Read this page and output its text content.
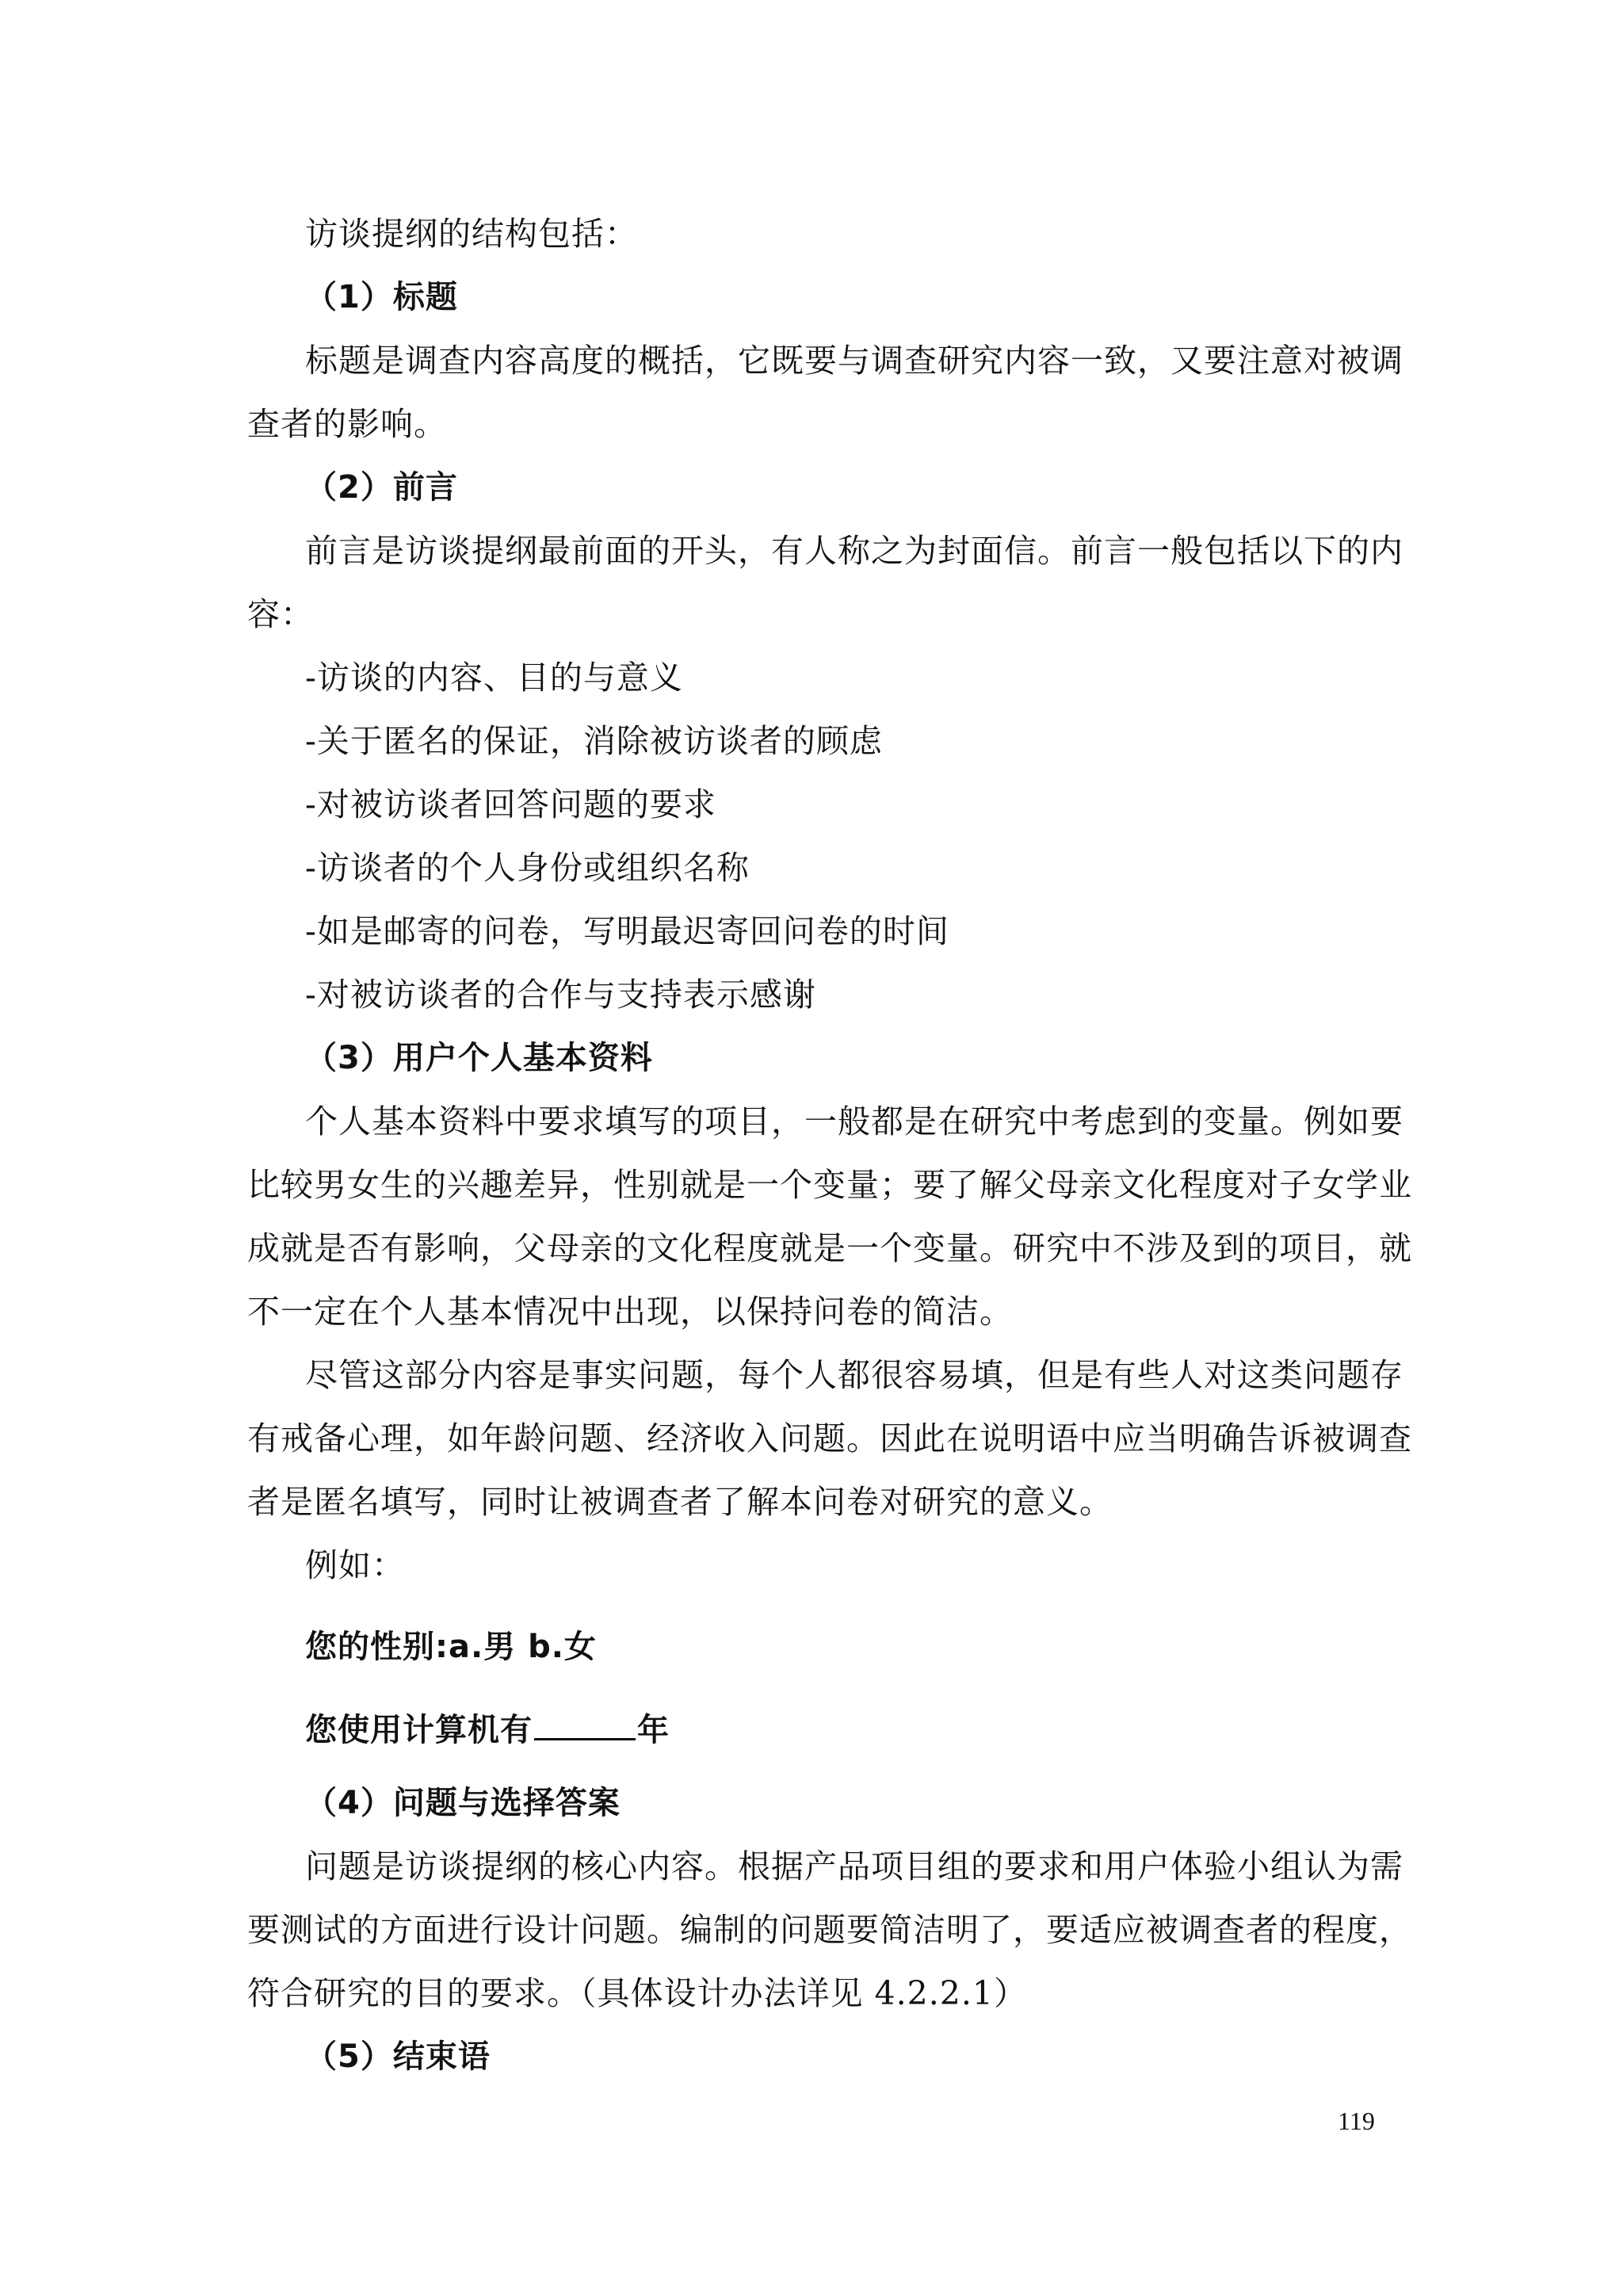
访谈提纲的结构包括：
（1）标题
标题是调查内容高度的概括，它既要与调查研究内容一致，又要注意对被调
查者的影响。
（2）前言
前言是访谈提纲最前面的开头，有人称之为封面信。前言一般包括以下的内
容：
-访谈的内容、目的与意义
-关于匿名的保证，消除被访谈者的顾虑
-对被访谈者回答问题的要求
-访谈者的个人身份或组织名称
-如是邮寄的问卷，写明最迟寄回问卷的时间
-对被访谈者的合作与支持表示感谢
（3）用户个人基本资料
个人基本资料中要求填写的项目，一般都是在研究中考虑到的变量。例如要
比较男女生的兴趣差异，性别就是一个变量；要了解父母亲文化程度对子女学业
成就是否有影响，父母亲的文化程度就是一个变量。研究中不涉及到的项目，就
不一定在个人基本情况中出现，以保持问卷的简洁。
尽管这部分内容是事实问题，每个人都很容易填，但是有些人对这类问题存
有戒备心理，如年龄问题、经济收入问题。因此在说明语中应当明确告诉被调查
者是匿名填写，同时让被调查者了解本问卷对研究的意义。
例如：
您的性别:a.男 b.女
您使用计算机有	年
（4）问题与选择答案
问题是访谈提纲的核心内容。根据产品项目组的要求和用户体验小组认为需
要测试的方面进行设计问题。编制的问题要简洁明了，要适应被调查者的程度，
符合研究的目的要求。（具体设计办法详见 4.2.2.1）
（5）结束语
119
